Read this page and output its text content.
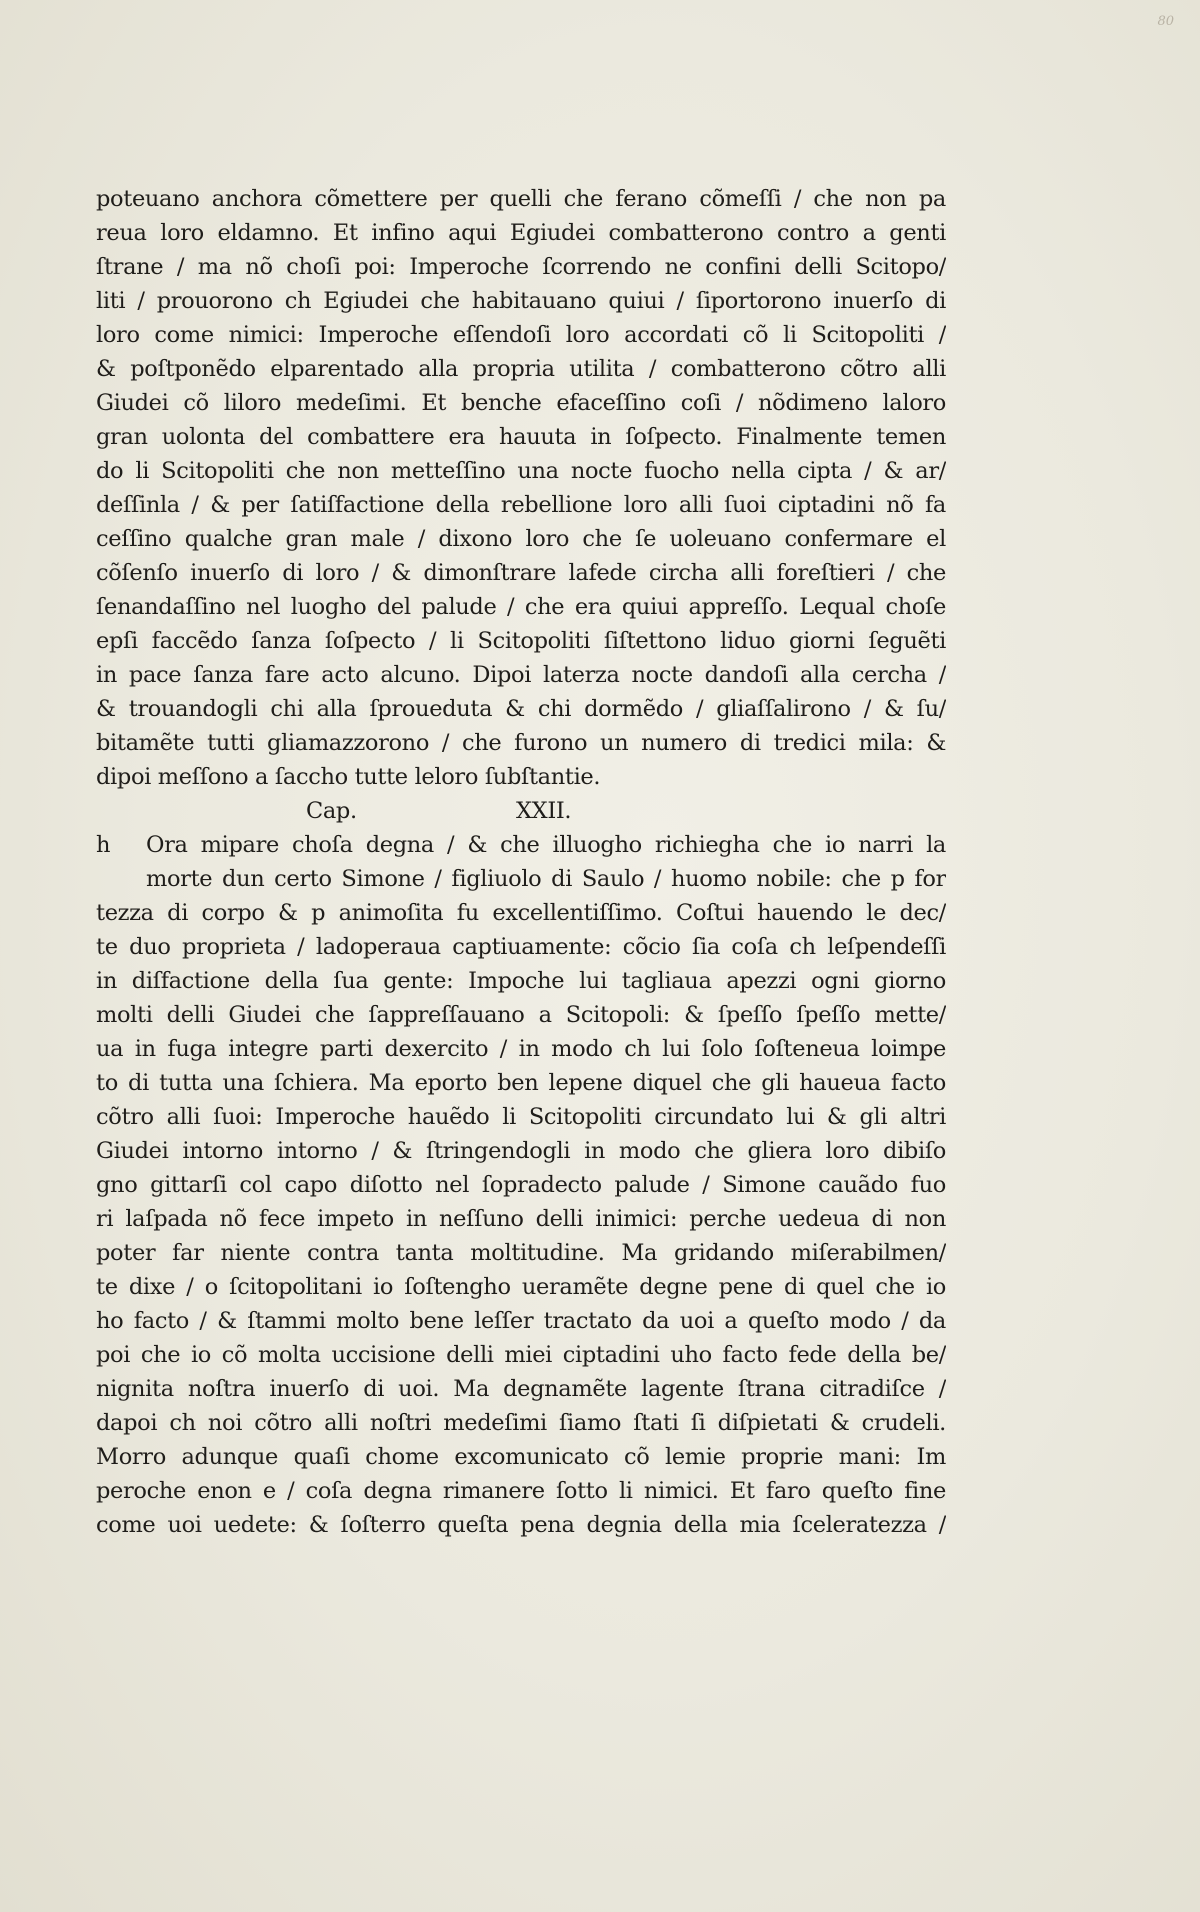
80
poteuano anchora cõmettere per quelli che ferano cõmeſſi / che non pa
reua loro eldamno. Et infino aqui Egiudei combatterono contro a genti
ſtrane / ma nõ choſi poi: Imperoche ſcorrendo ne confini delli Scitopo/
liti / prouorono ch Egiudei che habitauano quiui / ſiportorono inuerſo di
loro come nimici: Imperoche eſſendoſi loro accordati cõ li Scitopoliti /
& poſtponẽdo elparentado alla propria utilita / combatterono cõtro alli
Giudei cõ liloro medeſimi. Et benche efaceſſino coſi / nõdimeno laloro
gran uolonta del combattere era hauuta in ſoſpecto. Finalmente temen
do li Scitopoliti che non metteſſino una nocte fuocho nella cipta / & ar/
deſſinla / & per ſatiſfactione della rebellione loro alli ſuoi ciptadini nõ fa
ceſſino qualche gran male / dixono loro che ſe uoleuano confermare el
cõſenſo inuerſo di loro / & dimonſtrare lafede circha alli foreſtieri / che
ſenandaſſino nel luogho del palude / che era quiui appreſſo. Lequal choſe
epſi faccẽdo ſanza ſoſpecto / li Scitopoliti ſiſtettono liduo giorni ſeguẽti
in pace ſanza fare acto alcuno. Dipoi laterza nocte dandoſi alla cercha /
& trouandogli chi alla ſproueduta & chi dormẽdo / gliaſſalirono / & ſu/
bitamẽte tutti gliamazzorono / che furono un numero di tredici mila: &
dipoi meſſono a ſaccho tutte leloro ſubſtantie.
Cap.	XXII.
h Ora mipare choſa degna / & che illuogho richiegha che io narri la
morte dun certo Simone / figliuolo di Saulo / huomo nobile: che p for
tezza di corpo & p animoſita fu excellentiſſimo. Coſtui hauendo le dec/
te duo proprieta / ladoperaua captiuamente: cõcio ſia coſa ch leſpendeſſi
in diſfactione della ſua gente: Impoche lui tagliaua apezzi ogni giorno
molti delli Giudei che ſappreſſauano a Scitopoli: & ſpeſſo ſpeſſo mette/
ua in fuga integre parti dexercito / in modo ch lui ſolo ſoſteneua loimpe
to di tutta una ſchiera. Ma eporto ben lepene diquel che gli haueua facto
cõtro alli ſuoi: Imperoche hauẽdo li Scitopoliti circundato lui & gli altri
Giudei intorno intorno / & ſtringendogli in modo che gliera loro dibiſo
gno gittarſi col capo diſotto nel ſopradecto palude / Simone cauãdo fuo
ri laſpada nõ fece impeto in neſſuno delli inimici: perche uedeua di non
poter far niente contra tanta moltitudine. Ma gridando miſerabilmen/
te dixe / o ſcitopolitani io ſoſtengho ueramẽte degne pene di quel che io
ho facto / & ſtammi molto bene leſſer tractato da uoi a queſto modo / da
poi che io cõ molta uccisione delli miei ciptadini uho facto fede della be/
nignita noſtra inuerſo di uoi. Ma degnamẽte lagente ſtrana citradiſce /
dapoi ch noi cõtro alli noſtri medeſimi ſiamo ſtati ſi diſpietati & crudeli.
Morro adunque quaſi chome excomunicato cõ lemie proprie mani: Im
peroche enon e / coſa degna rimanere ſotto li nimici. Et faro queſto fine
come uoi uedete: & ſoſterro queſta pena degnia della mia ſceleratezza /
